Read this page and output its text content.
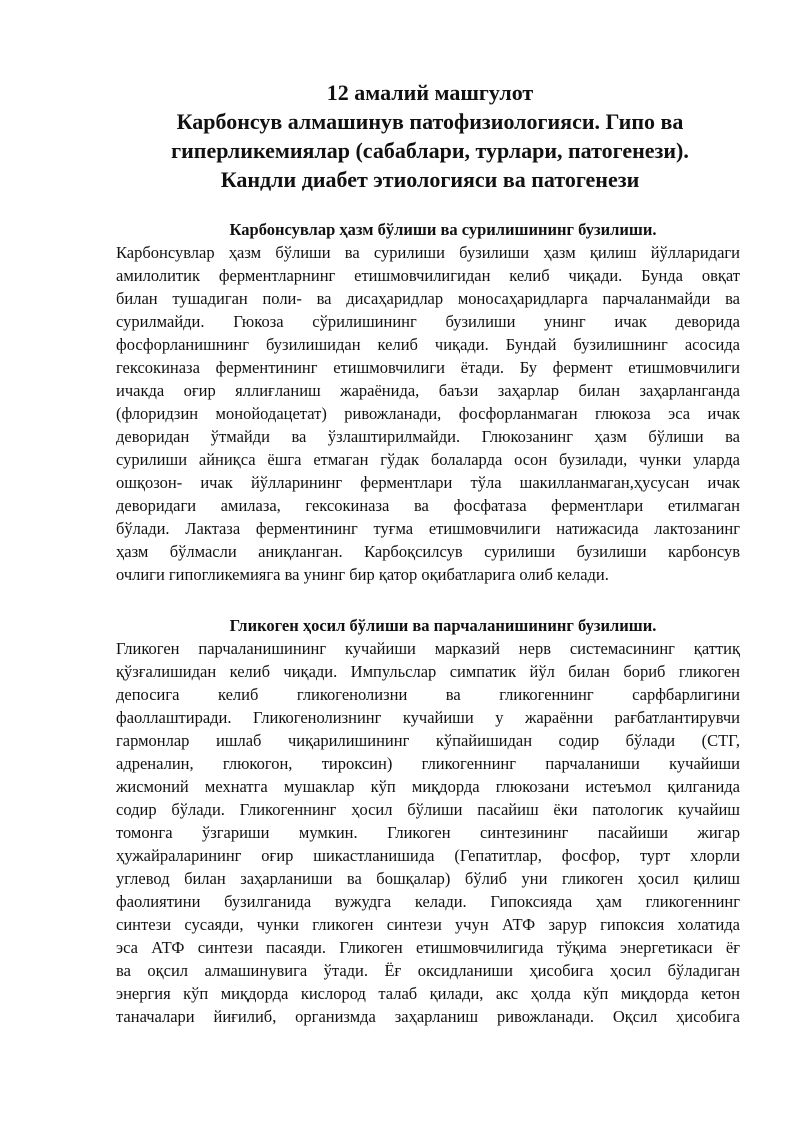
12 амалий машгулот
Карбонсув алмашинув патофизиологияси. Гипо ва
гиперликемиялар (сабаблари, турлари, патогенези).
Кандли диабет этиологияси ва патогенези
Карбонсувлар ҳазм бўлиши ва сурилишининг бузилиши.
Карбонсувлар ҳазм бўлиши ва сурилиши бузилиши ҳазм қилиш йўлларидаги
амилолитик ферментларнинг етишмовчилигидан келиб чиқади. Бунда овқат
билан тушадиган поли- ва дисаҳаридлар моносаҳаридларга парчаланмайди ва
сурилмайди. Гюкоза сўрилишининг бузилиши унинг ичак деворида
фосфорланишнинг бузилишидан келиб чиқади. Бундай бузилишнинг асосида
гексокиназа ферментининг етишмовчилиги ётади. Бу фермент етишмовчилиги
ичакда оғир яллиғланиш жараёнида, баъзи заҳарлар билан заҳарланганда
(флоридзин монойодацетат) ривожланади, фосфорланмаган глюкоза эса ичак
деворидан ўтмайди ва ўзлаштирилмайди. Глюкозанинг ҳазм бўлиши ва
сурилиши айниқса ёшга етмаган гўдак болаларда осон бузилади, чунки уларда
ошқозон- ичак йўлларининг ферментлари тўла шакилланмаган,ҳусусан ичак
деворидаги амилаза, гексокиназа ва фосфатаза ферментлари етилмаган
бўлади. Лактаза ферментининг туғма етишмовчилиги натижасида лактозанинг
ҳазм бўлмасли аниқланган. Карбоқсилсув сурилиши бузилиши карбонсув
очлиги гипогликемияга ва унинг бир қатор оқибатларига олиб келади.
Гликоген ҳосил бўлиши ва парчаланишининг бузилиши.
Гликоген парчаланишининг кучайиши марказий нерв системасининг қаттиқ
қўзғалишидан келиб чиқади. Импульслар симпатик йўл билан бориб гликоген
депосига келиб гликогенолизни ва гликогеннинг сарфбарлигини
фаоллаштиради. Гликогенолизнинг кучайиши у жараённи рағбатлантирувчи
гармонлар ишлаб чиқарилишининг кўпайишидан содир бўлади (СТГ,
адреналин, глюкогон, тироксин) гликогеннинг парчаланиши кучайиши
жисмоний мехнатга мушаклар кўп миқдорда глюкозани истеъмол қилганида
содир бўлади. Гликогеннинг ҳосил бўлиши пасайиш ёки патологик кучайиш
томонга ўзгариши мумкин. Гликоген синтезининг пасайиши жигар
ҳужайраларининг оғир шикастланишида (Гепатитлар, фосфор, турт хлорли
углевод билан заҳарланиши ва бошқалар) бўлиб уни гликоген ҳосил қилиш
фаолиятини бузилганида вужудга келади. Гипоксияда ҳам гликогеннинг
синтези сусаяди, чунки гликоген синтези учун АТФ зарур гипоксия холатида
эса АТФ синтези пасаяди. Гликоген етишмовчилигида тўқима энергетикаси ёғ
ва оқсил алмашинувига ўтади. Ёғ оксидланиши ҳисобига ҳосил бўладиган
энергия кўп миқдорда кислород талаб қилади, акс ҳолда кўп миқдорда кетон
таначалари йиғилиб, организмда заҳарланиш ривожланади. Оқсил ҳисобига
